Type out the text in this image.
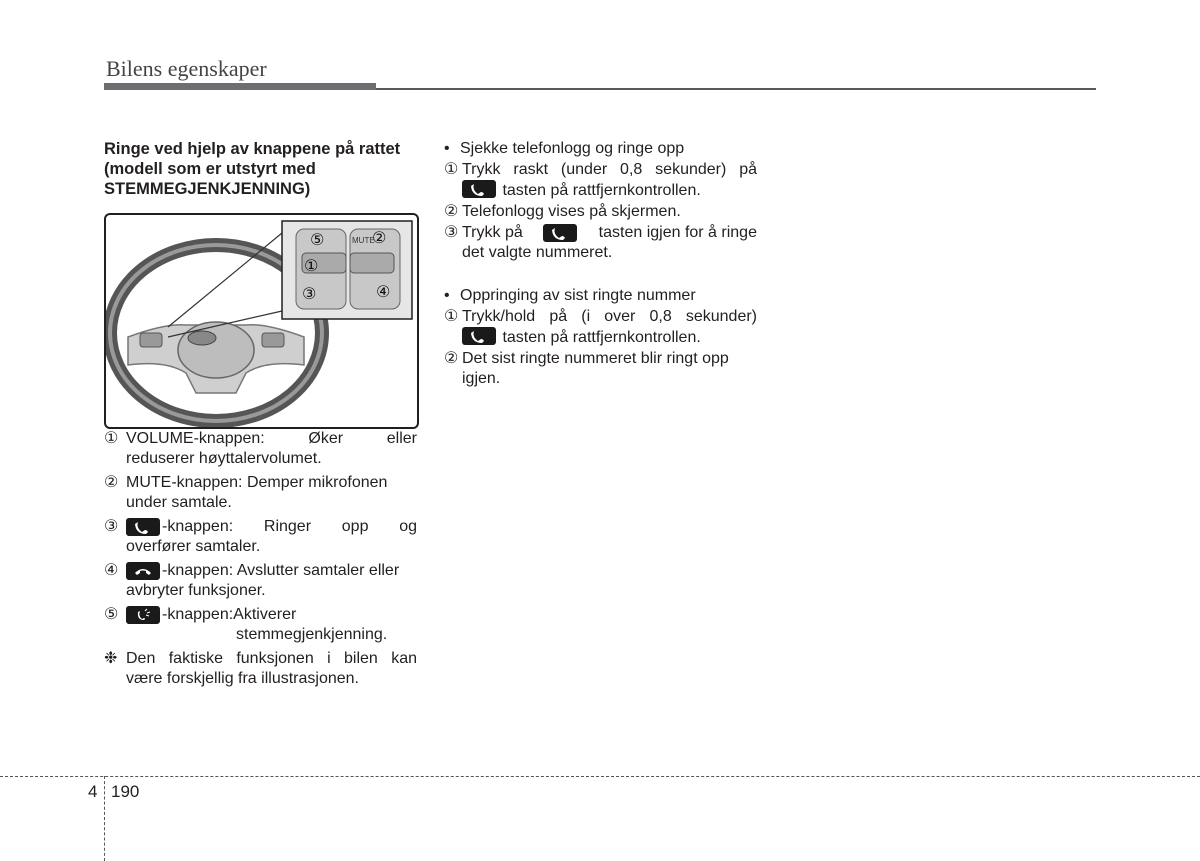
Bilens egenskaper
Ringe ved hjelp av knappene på rattet (modell som er utstyrt med STEMMEGJENKJENNING)
MUTE
⑤	②
①
③	④
① VOLUME-knappen: Øker eller
reduserer høyttalervolumet.
② MUTE-knappen: Demper mikrofonen
under samtale.
③	-knappen: Ringer opp og
overfører samtaler.
④	-knappen: Avslutter samtaler eller
avbryter funksjoner.
⑤	-knappen:Aktiverer
stemmegjenkjenning.
❉ Den faktiske funksjonen i bilen kan
være forskjellig fra illustrasjonen.
• Sjekke telefonlogg og ringe opp
① Trykk raskt (under 0,8 sekunder) på
tasten på rattfjernkontrollen.
② Telefonlogg vises på skjermen.
③ Trykk på	tasten igjen for å ringe
det valgte nummeret.
• Oppringing av sist ringte nummer
① Trykk/hold på (i over 0,8 sekunder)
tasten på rattfjernkontrollen.
② Det sist ringte nummeret blir ringt opp
igjen.
4 190
